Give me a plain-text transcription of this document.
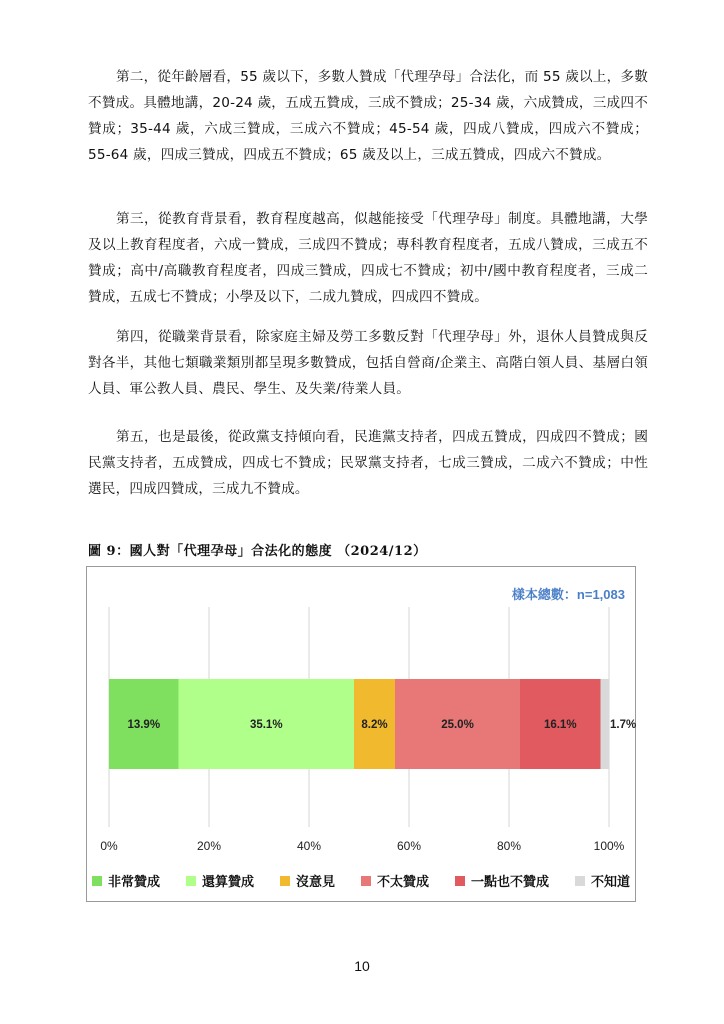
第二，從年齡層看，55 歲以下，多數人贊成「代理孕母」合法化，而 55 歲以上，多數不贊成。具體地講，20-24 歲，五成五贊成，三成不贊成；25-34 歲，六成贊成，三成四不贊成；35-44 歲，六成三贊成，三成六不贊成；45-54 歲，四成八贊成，四成六不贊成；55-64 歲，四成三贊成，四成五不贊成；65 歲及以上，三成五贊成，四成六不贊成。
第三，從教育背景看，教育程度越高，似越能接受「代理孕母」制度。具體地講，大學及以上教育程度者，六成一贊成，三成四不贊成；專科教育程度者，五成八贊成，三成五不贊成；高中/高職教育程度者，四成三贊成，四成七不贊成；初中/國中教育程度者，三成二贊成，五成七不贊成；小學及以下，二成九贊成，四成四不贊成。
第四，從職業背景看，除家庭主婦及勞工多數反對「代理孕母」外，退休人員贊成與反對各半，其他七類職業類別都呈現多數贊成，包括自營商/企業主、高階白領人員、基層白領人員、軍公教人員、農民、學生、及失業/待業人員。
第五，也是最後，從政黨支持傾向看，民進黨支持者，四成五贊成，四成四不贊成；國民黨支持者，五成贊成，四成七不贊成；民眾黨支持者，七成三贊成，二成六不贊成；中性選民，四成四贊成，三成九不贊成。
圖 9：國人對「代理孕母」合法化的態度 （2024/12）
樣本總數：n=1,083
0%	20%	40%	60%	80%	100%
13.9%	35.1%	8.2%	25.0%	16.1%	1.7%
非常贊成	還算贊成	沒意見	不太贊成	一點也不贊成	不知道
10
